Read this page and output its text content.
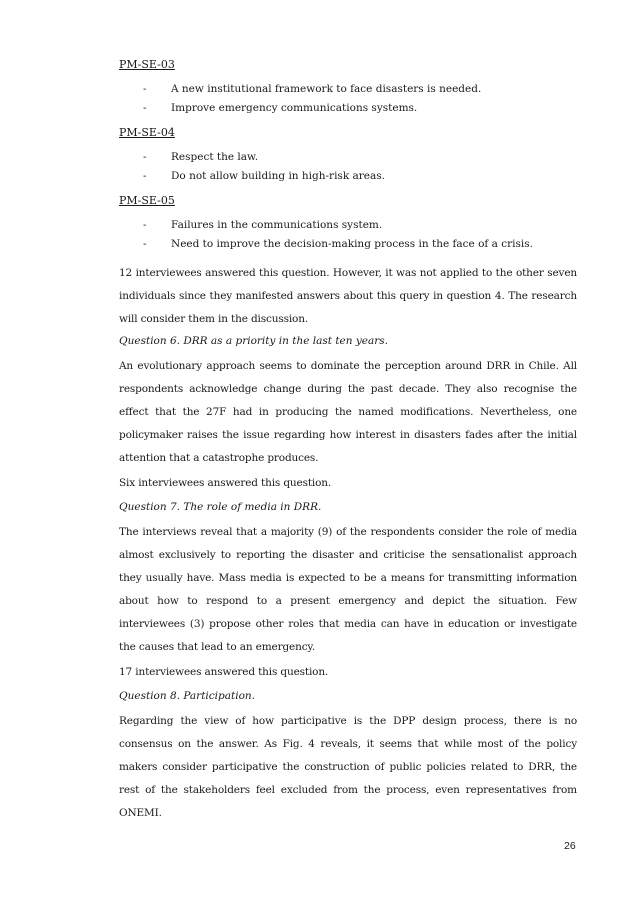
PM-SE-03
-	A new institutional framework to face disasters is needed.
-	Improve emergency communications systems.
PM-SE-04
-	Respect the law.
-	Do not allow building in high-risk areas.
PM-SE-05
-	Failures in the communications system.
-	Need to improve the decision-making process in the face of a crisis.

12 interviewees answered this question. However, it was not applied to the other seven individuals since they manifested answers about this query in question 4. The research will consider them in the discussion.

Question 6. DRR as a priority in the last ten years.

An evolutionary approach seems to dominate the perception around DRR in Chile. All respondents acknowledge change during the past decade. They also recognise the effect that the 27F had in producing the named modifications. Nevertheless, one policymaker raises the issue regarding how interest in disasters fades after the initial attention that a catastrophe produces.

Six interviewees answered this question.

Question 7. The role of media in DRR.

The interviews reveal that a majority (9) of the respondents consider the role of media almost exclusively to reporting the disaster and criticise the sensationalist approach they usually have. Mass media is expected to be a means for transmitting information about how to respond to a present emergency and depict the situation. Few interviewees (3) propose other roles that media can have in education or investigate the causes that lead to an emergency.

17 interviewees answered this question.

Question 8. Participation.

Regarding the view of how participative is the DPP design process, there is no consensus on the answer. As Fig. 4 reveals, it seems that while most of the policy makers consider participative the construction of public policies related to DRR, the rest of the stakeholders feel excluded from the process, even representatives from ONEMI.

26
